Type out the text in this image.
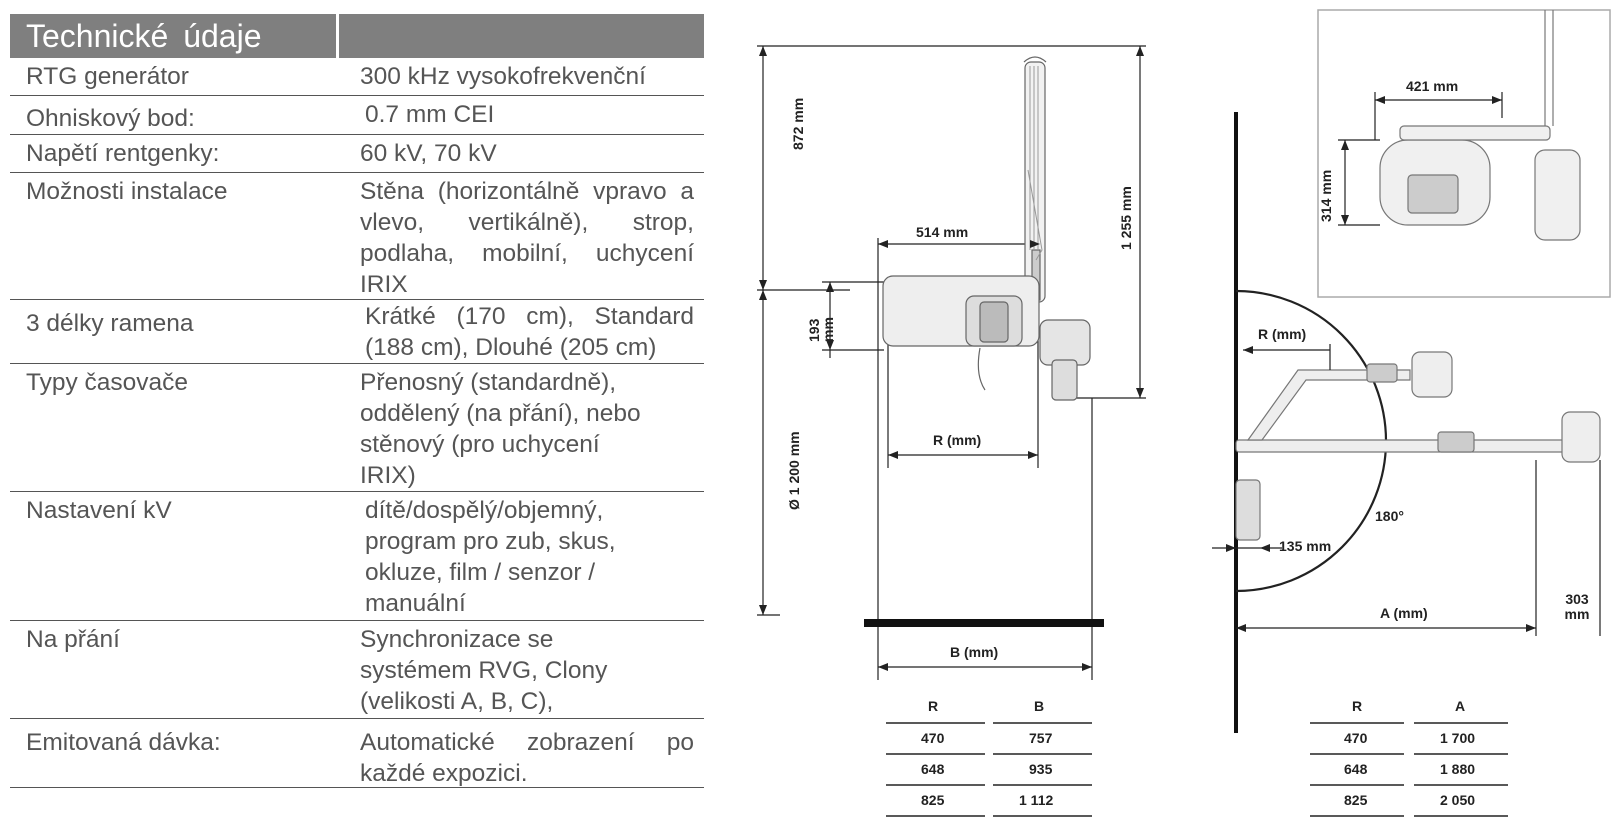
Technické údaje
RTG generátor	300 kHz vysokofrekvenční
Ohniskový bod:	0.7 mm CEI
Napětí rentgenky:	60 kV, 70 kV
Možnosti instalace	Stěna (horizontálně vpravo a vlevo, vertikálně), strop, podlaha, mobilní, uchycení IRIX
3 délky ramena	Krátké (170 cm), Standard (188 cm), Dlouhé (205 cm)
Typy časovače	Přenosný (standardně), oddělený (na přání), nebo stěnový (pro uchycení IRIX)
Nastavení kV	dítě/dospělý/objemný, program pro zub, skus, okluze, film / senzor / manuální
Na přání	Synchronizace se systémem RVG, Clony (velikosti A, B, C),
Emitovaná dávka:	Automatické zobrazení po každé expozici.
872 mm
1 255 mm
514 mm
193 mm
R (mm)
Ø 1 200 mm
B (mm)
R	B
470	757
648	935
825	1 112
421 mm
314 mm
R (mm)
135 mm
180°
A (mm)
303 mm
R	A
470	1 700
648	1 880
825	2 050
